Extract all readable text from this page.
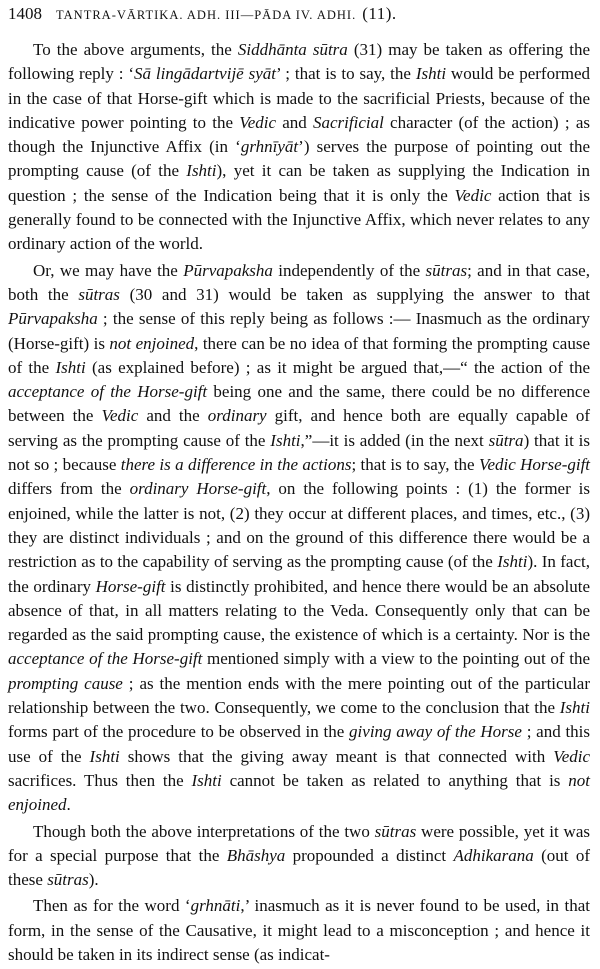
1408 TANTRA-VĀRTIKA. ADH. III—PĀDA IV. ADHI. (11).

To the above arguments, the Siddhānta sūtra (31) may be taken as offering the following reply : ‘Sā lingādartvijē syāt’ ; that is to say, the Ishti would be performed in the case of that Horse-gift which is made to the sacrificial Priests, because of the indicative power pointing to the Vedic and Sacrificial character (of the action) ; as though the Injunctive Affix (in ‘grhnīyāt’) serves the purpose of pointing out the prompting cause (of the Ishti), yet it can be taken as supplying the Indication in question ; the sense of the Indication being that it is only the Vedic action that is generally found to be connected with the Injunctive Affix, which never relates to any ordinary action of the world.

Or, we may have the Pūrvapaksha independently of the sūtras; and in that case, both the sūtras (30 and 31) would be taken as supplying the answer to that Pūrvapaksha ; the sense of this reply being as follows :— Inasmuch as the ordinary (Horse-gift) is not enjoined, there can be no idea of that forming the prompting cause of the Ishti (as explained before) ; as it might be argued that,—“ the action of the acceptance of the Horse-gift being one and the same, there could be no difference between the Vedic and the ordinary gift, and hence both are equally capable of serving as the prompting cause of the Ishti,”—it is added (in the next sūtra) that it is not so ; because there is a difference in the actions; that is to say, the Vedic Horse-gift differs from the ordinary Horse-gift, on the following points : (1) the former is enjoined, while the latter is not, (2) they occur at different places, and times, etc., (3) they are distinct individuals ; and on the ground of this difference there would be a restriction as to the capability of serving as the prompting cause (of the Ishti). In fact, the ordinary Horse-gift is distinctly prohibited, and hence there would be an absolute absence of that, in all matters relating to the Veda. Consequently only that can be regarded as the said prompting cause, the existence of which is a certainty. Nor is the acceptance of the Horse-gift mentioned simply with a view to the pointing out of the prompting cause ; as the mention ends with the mere pointing out of the particular relationship between the two. Consequently, we come to the conclusion that the Ishti forms part of the procedure to be observed in the giving away of the Horse ; and this use of the Ishti shows that the giving away meant is that connected with Vedic sacrifices. Thus then the Ishti cannot be taken as related to anything that is not enjoined.

Though both the above interpretations of the two sūtras were possible, yet it was for a special purpose that the Bhāshya propounded a distinct Adhikarana (out of these sūtras).

Then as for the word ‘grhnāti,’ inasmuch as it is never found to be used, in that form, in the sense of the Causative, it might lead to a misconception ; and hence it should be taken in its indirect sense (as indicat-
